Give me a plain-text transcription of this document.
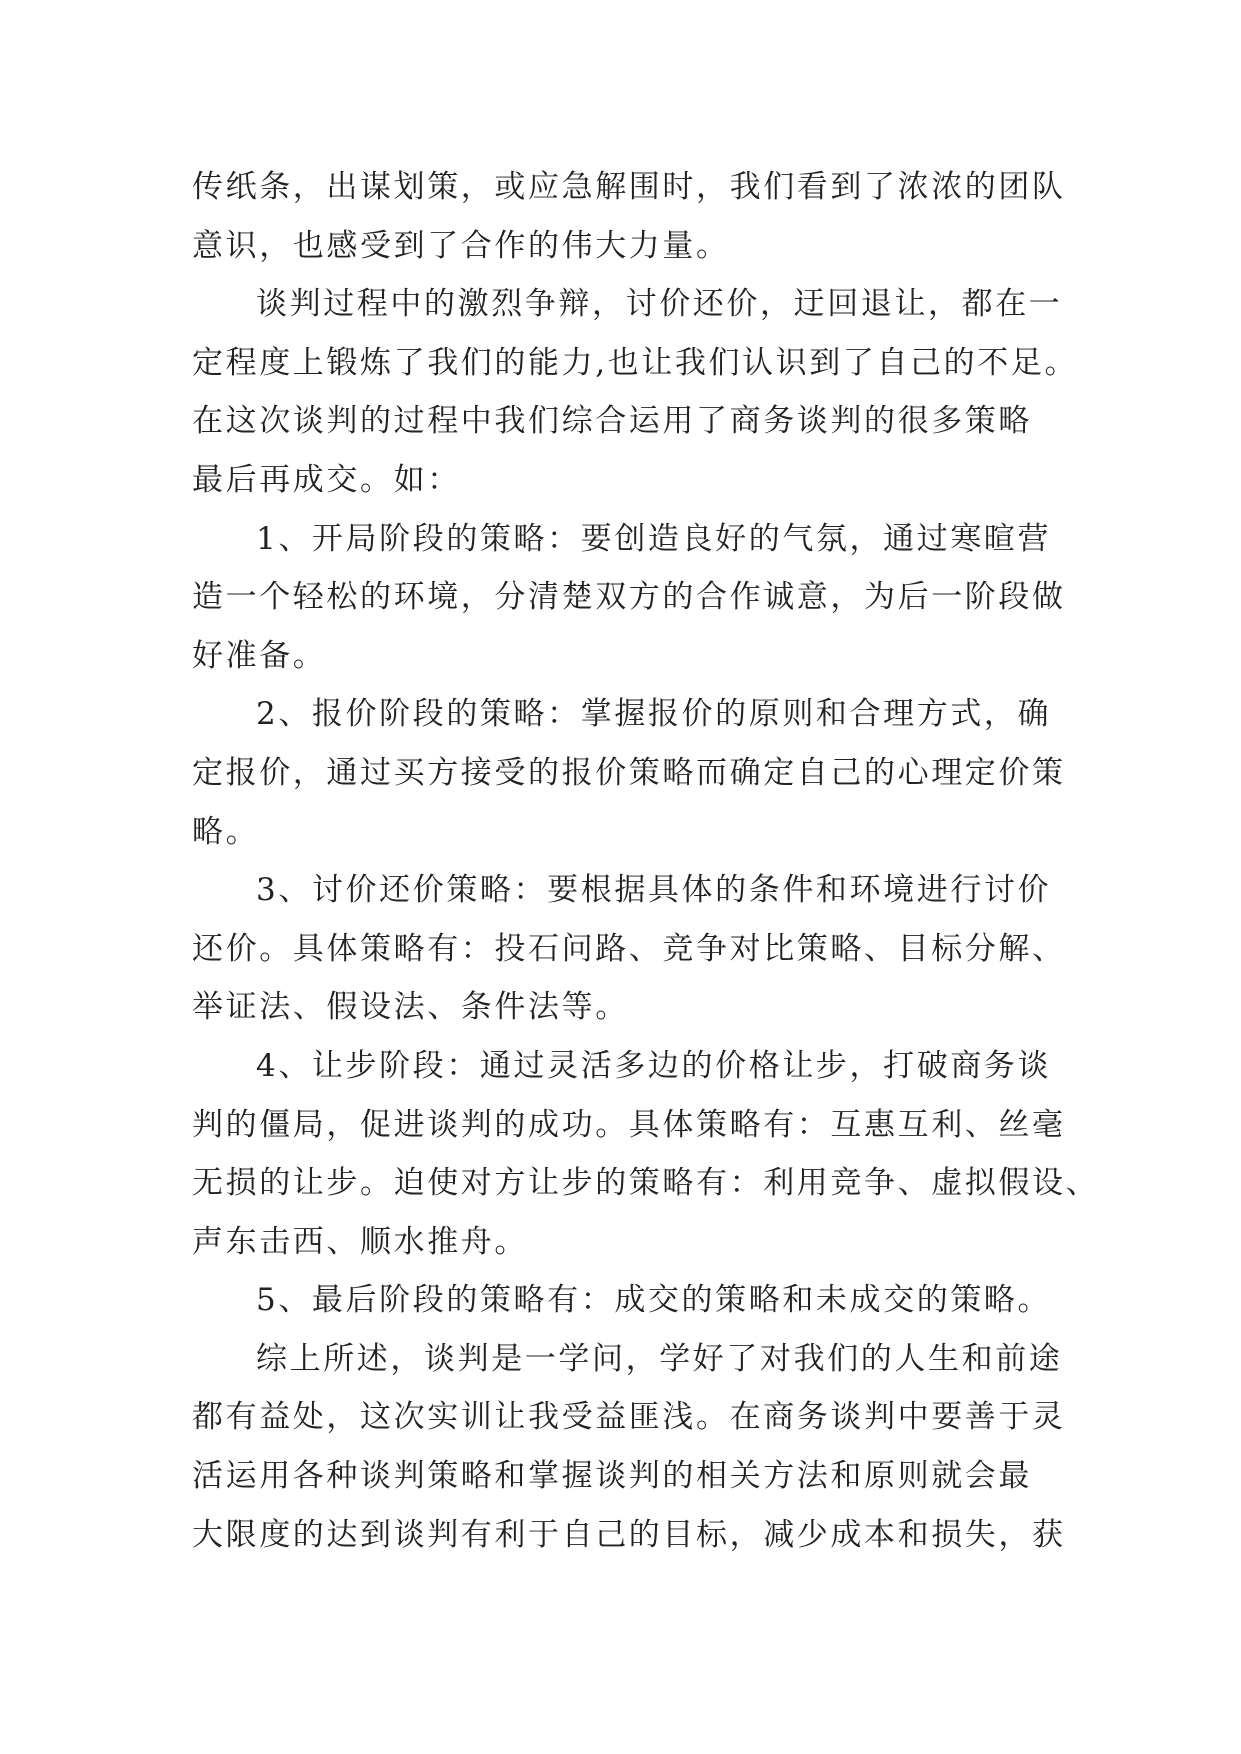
传纸条，出谋划策，或应急解围时，我们看到了浓浓的团队
意识，也感受到了合作的伟大力量。
谈判过程中的激烈争辩，讨价还价，迂回退让，都在一
定程度上锻炼了我们的能力,也让我们认识到了自己的不足。
在这次谈判的过程中我们综合运用了商务谈判的很多策略
最后再成交。如：
1、开局阶段的策略：要创造良好的气氛，通过寒暄营
造一个轻松的环境，分清楚双方的合作诚意，为后一阶段做
好准备。
2、报价阶段的策略：掌握报价的原则和合理方式，确
定报价，通过买方接受的报价策略而确定自己的心理定价策
略。
3、讨价还价策略：要根据具体的条件和环境进行讨价
还价。具体策略有：投石问路、竞争对比策略、目标分解、
举证法、假设法、条件法等。
4、让步阶段：通过灵活多边的价格让步，打破商务谈
判的僵局，促进谈判的成功。具体策略有：互惠互利、丝毫
无损的让步。迫使对方让步的策略有：利用竞争、虚拟假设、
声东击西、顺水推舟。
5、最后阶段的策略有：成交的策略和未成交的策略。
综上所述，谈判是一学问，学好了对我们的人生和前途
都有益处，这次实训让我受益匪浅。在商务谈判中要善于灵
活运用各种谈判策略和掌握谈判的相关方法和原则就会最
大限度的达到谈判有利于自己的目标，减少成本和损失，获
